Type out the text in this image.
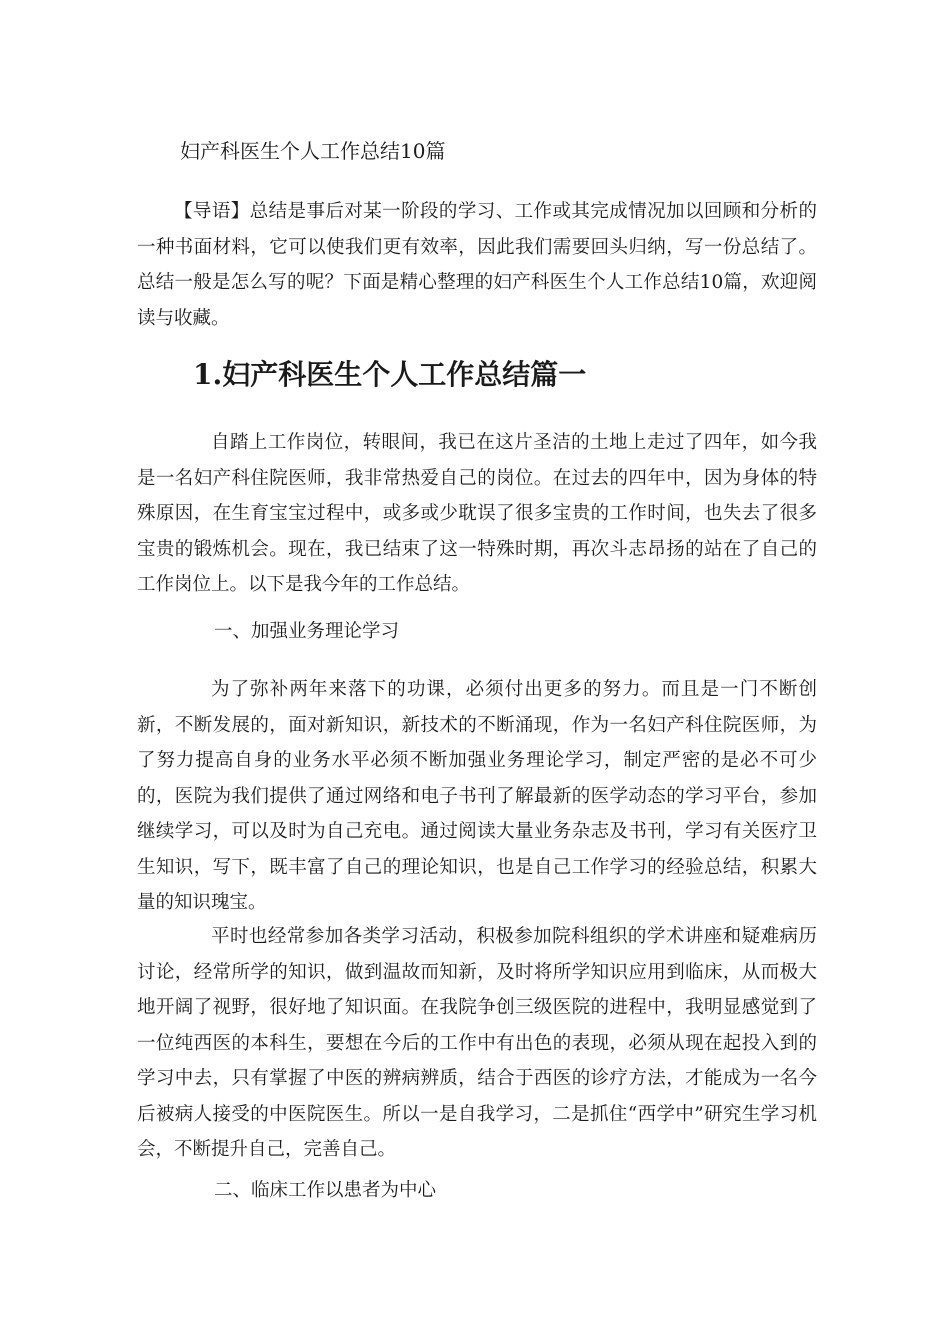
妇产科医生个人工作总结10篇

【导语】总结是事后对某一阶段的学习、工作或其完成情况加以回顾和分析的一种书面材料，它可以使我们更有效率，因此我们需要回头归纳，写一份总结了。总结一般是怎么写的呢？下面是精心整理的妇产科医生个人工作总结10篇，欢迎阅读与收藏。

1.妇产科医生个人工作总结篇一

自踏上工作岗位，转眼间，我已在这片圣洁的土地上走过了四年，如今我是一名妇产科住院医师，我非常热爱自己的岗位。在过去的四年中，因为身体的特殊原因，在生育宝宝过程中，或多或少耽误了很多宝贵的工作时间，也失去了很多宝贵的锻炼机会。现在，我已结束了这一特殊时期，再次斗志昂扬的站在了自己的工作岗位上。以下是我今年的工作总结。

一、加强业务理论学习

为了弥补两年来落下的功课，必须付出更多的努力。而且是一门不断创新，不断发展的，面对新知识，新技术的不断涌现，作为一名妇产科住院医师，为了努力提高自身的业务水平必须不断加强业务理论学习，制定严密的是必不可少的，医院为我们提供了通过网络和电子书刊了解最新的医学动态的学习平台，参加继续学习，可以及时为自己充电。通过阅读大量业务杂志及书刊，学习有关医疗卫生知识，写下，既丰富了自己的理论知识，也是自己工作学习的经验总结，积累大量的知识瑰宝。

平时也经常参加各类学习活动，积极参加院科组织的学术讲座和疑难病历讨论，经常所学的知识，做到温故而知新，及时将所学知识应用到临床，从而极大地开阔了视野，很好地了知识面。在我院争创三级医院的进程中，我明显感觉到了一位纯西医的本科生，要想在今后的工作中有出色的表现，必须从现在起投入到的学习中去，只有掌握了中医的辨病辨质，结合于西医的诊疗方法，才能成为一名今后被病人接受的中医院医生。所以一是自我学习，二是抓住“西学中”研究生学习机会，不断提升自己，完善自己。

二、临床工作以患者为中心
